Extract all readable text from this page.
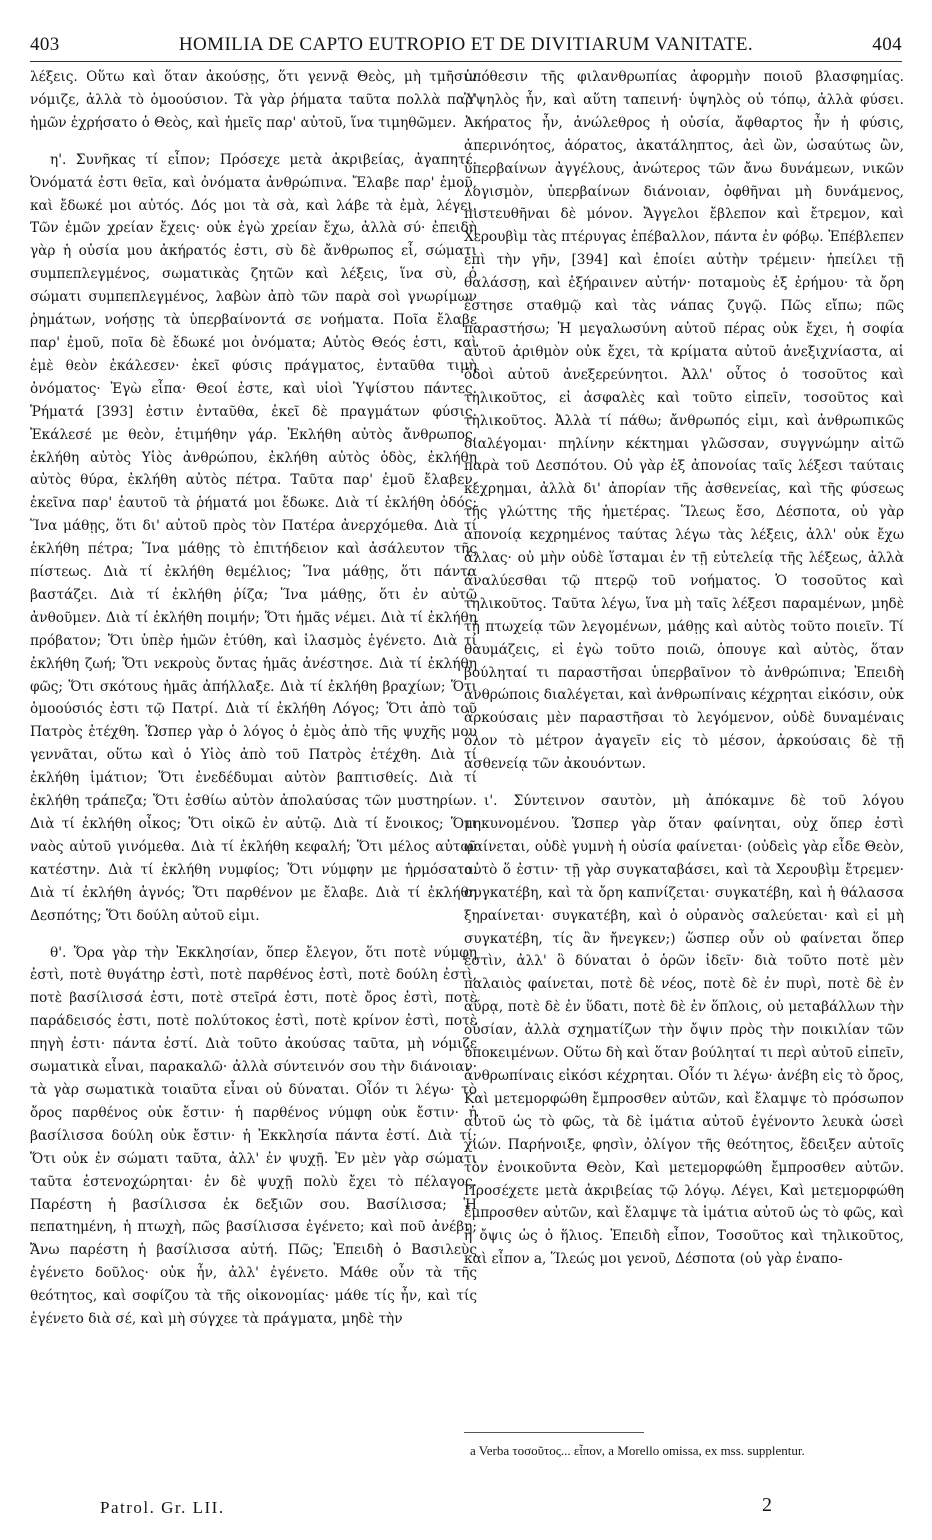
403	HOMILIA DE CAPTO EUTROPIO ET DE DIVITIARUM VANITATE.	404

λέξεις. Οὕτω καὶ ὅταν ἀκούσῃς, ὅτι γεννᾷ Θεὸς, μὴ τμῆσιν νόμιζε, ἀλλὰ τὸ ὁμοούσιον. Τὰ γὰρ ῥήματα ταῦτα πολλὰ παρ' ἡμῶν ἐχρήσατο ὁ Θεὸς, καὶ ἡμεῖς παρ' αὐτοῦ, ἵνα τιμηθῶμεν.

η'. Συνῆκας τί εἶπον; Πρόσεχε μετὰ ἀκριβείας, ἀγαπητέ. Ὀνόματά ἐστι θεῖα, καὶ ὀνόματα ἀνθρώπινα. Ἔλαβε παρ' ἐμοῦ, καὶ ἔδωκέ μοι αὐτός. Δός μοι τὰ σὰ, καὶ λάβε τὰ ἐμὰ, λέγει. Τῶν ἐμῶν χρείαν ἔχεις· οὐκ ἐγὼ χρείαν ἔχω, ἀλλὰ σύ· ἐπειδὴ γὰρ ἡ οὐσία μου ἀκήρατός ἐστι, σὺ δὲ ἄνθρωπος εἶ, σώματι συμπεπλεγμένος, σωματικὰς ζητῶν καὶ λέξεις, ἵνα σὺ, ὁ σώματι συμπεπλεγμένος, λαβὼν ἀπὸ τῶν παρὰ σοὶ γνωρίμων ῥημάτων, νοήσῃς τὰ ὑπερβαίνοντά σε νοήματα. Ποῖα ἔλαβε παρ' ἐμοῦ, ποῖα δὲ ἔδωκέ μοι ὀνόματα; Αὐτὸς Θεός ἐστι, καὶ ἐμὲ θεὸν ἐκάλεσεν· ἐκεῖ φύσις πράγματος, ἐνταῦθα τιμὴ ὀνόματος· Ἐγὼ εἶπα· Θεοί ἐστε, καὶ υἱοὶ Ὑψίστου πάντες. Ῥήματά [393] ἐστιν ἐνταῦθα, ἐκεῖ δὲ πραγμάτων φύσις. Ἐκάλεσέ με θεὸν, ἐτιμήθην γάρ. Ἐκλήθη αὐτὸς ἄνθρωπος, ἐκλήθη αὐτὸς Υἱὸς ἀνθρώπου, ἐκλήθη αὐτὸς ὁδὸς, ἐκλήθη αὐτὸς θύρα, ἐκλήθη αὐτὸς πέτρα. Ταῦτα παρ' ἐμοῦ ἔλαβεν, ἐκεῖνα παρ' ἑαυτοῦ τὰ ῥήματά μοι ἔδωκε. Διὰ τί ἐκλήθη ὁδός; Ἵνα μάθῃς, ὅτι δι' αὐτοῦ πρὸς τὸν Πατέρα ἀνερχόμεθα. Διὰ τί ἐκλήθη πέτρα; Ἵνα μάθῃς τὸ ἐπιτήδειον καὶ ἀσάλευτον τῆς πίστεως. Διὰ τί ἐκλήθη θεμέλιος; Ἵνα μάθῃς, ὅτι πάντα βαστάζει. Διὰ τί ἐκλήθη ῥίζα; Ἵνα μάθῃς, ὅτι ἐν αὐτῷ ἀνθοῦμεν. Διὰ τί ἐκλήθη ποιμήν; Ὅτι ἡμᾶς νέμει. Διὰ τί ἐκλήθη πρόβατον; Ὅτι ὑπὲρ ἡμῶν ἐτύθη, καὶ ἱλασμὸς ἐγένετο. Διὰ τί ἐκλήθη ζωή; Ὅτι νεκροὺς ὄντας ἡμᾶς ἀνέστησε. Διὰ τί ἐκλήθη φῶς; Ὅτι σκότους ἡμᾶς ἀπήλλαξε. Διὰ τί ἐκλήθη βραχίων; Ὅτι ὁμοούσιός ἐστι τῷ Πατρί. Διὰ τί ἐκλήθη Λόγος; Ὅτι ἀπὸ τοῦ Πατρὸς ἐτέχθη. Ὥσπερ γὰρ ὁ λόγος ὁ ἐμὸς ἀπὸ τῆς ψυχῆς μου γεννᾶται, οὕτω καὶ ὁ Υἱὸς ἀπὸ τοῦ Πατρὸς ἐτέχθη. Διὰ τί ἐκλήθη ἱμάτιον; Ὅτι ἐνεδέδυμαι αὐτὸν βαπτισθείς. Διὰ τί ἐκλήθη τράπεζα; Ὅτι ἐσθίω αὐτὸν ἀπολαύσας τῶν μυστηρίων. Διὰ τί ἐκλήθη οἶκος; Ὅτι οἰκῶ ἐν αὐτῷ. Διὰ τί ἔνοικος; Ὅτι ναὸς αὐτοῦ γινόμεθα. Διὰ τί ἐκλήθη κεφαλή; Ὅτι μέλος αὐτοῦ κατέστην. Διὰ τί ἐκλήθη νυμφίος; Ὅτι νύμφην με ἡρμόσατο. Διὰ τί ἐκλήθη ἁγνός; Ὅτι παρθένον με ἔλαβε. Διὰ τί ἐκλήθη Δεσπότης; Ὅτι δούλη αὐτοῦ εἰμι.

θ'. Ὅρα γὰρ τὴν Ἐκκλησίαν, ὅπερ ἔλεγον, ὅτι ποτὲ νύμφη ἐστὶ, ποτὲ θυγάτηρ ἐστὶ, ποτὲ παρθένος ἐστὶ, ποτὲ δούλη ἐστὶ, ποτὲ βασίλισσά ἐστι, ποτὲ στεῖρά ἐστι, ποτὲ ὄρος ἐστὶ, ποτὲ παράδεισός ἐστι, ποτὲ πολύτοκος ἐστὶ, ποτὲ κρίνον ἐστὶ, ποτὲ πηγὴ ἐστι· πάντα ἐστί. Διὰ τοῦτο ἀκούσας ταῦτα, μὴ νόμιζε σωματικὰ εἶναι, παρακαλῶ· ἀλλὰ σύντεινόν σου τὴν διάνοιαν· τὰ γὰρ σωματικὰ τοιαῦτα εἶναι οὐ δύναται. Οἷόν τι λέγω· τὸ ὄρος παρθένος οὐκ ἔστιν· ἡ παρθένος νύμφη οὐκ ἔστιν· ἡ βασίλισσα δούλη οὐκ ἔστιν· ἡ Ἐκκλησία πάντα ἐστί. Διὰ τί; Ὅτι οὐκ ἐν σώματι ταῦτα, ἀλλ' ἐν ψυχῇ. Ἐν μὲν γὰρ σώματι ταῦτα ἐστενοχώρηται· ἐν δὲ ψυχῇ πολὺ ἔχει τὸ πέλαγος. Παρέστη ἡ βασίλισσα ἐκ δεξιῶν σου. Βασίλισσα; Ἡ πεπατημένη, ἡ πτωχὴ, πῶς βασίλισσα ἐγένετο; καὶ ποῦ ἀνέβη; Ἄνω παρέστη ἡ βασίλισσα αὐτή. Πῶς; Ἐπειδὴ ὁ Βασιλεὺς ἐγένετο δοῦλος· οὐκ ἦν, ἀλλ' ἐγένετο. Μάθε οὖν τὰ τῆς θεότητος, καὶ σοφίζου τὰ τῆς οἰκονομίας· μάθε τίς ἦν, καὶ τίς ἐγένετο διὰ σέ, καὶ μὴ σύγχεε τὰ πράγματα, μηδὲ τὴν

ὑπόθεσιν τῆς φιλανθρωπίας ἀφορμὴν ποιοῦ βλασφημίας. Ὑψηλὸς ἦν, καὶ αὕτη ταπεινή· ὑψηλὸς οὐ τόπῳ, ἀλλὰ φύσει. Ἀκήρατος ἦν, ἀνώλεθρος ἡ οὐσία, ἄφθαρτος ἦν ἡ φύσις, ἀπερινόητος, ἀόρατος, ἀκατάληπτος, ἀεὶ ὢν, ὡσαύτως ὢν, ὑπερβαίνων ἀγγέλους, ἀνώτερος τῶν ἄνω δυνάμεων, νικῶν λογισμὸν, ὑπερβαίνων διάνοιαν, ὀφθῆναι μὴ δυνάμενος, πιστευθῆναι δὲ μόνον. Ἄγγελοι ἔβλεπον καὶ ἔτρεμον, καὶ Χερουβὶμ τὰς πτέρυγας ἐπέβαλλον, πάντα ἐν φόβῳ. Ἐπέβλεπεν ἐπὶ τὴν γῆν, [394] καὶ ἐποίει αὐτὴν τρέμειν· ἠπείλει τῇ θαλάσσῃ, καὶ ἐξήραινεν αὐτήν· ποταμοὺς ἐξ ἐρήμου· τὰ ὄρη ἔστησε σταθμῷ καὶ τὰς νάπας ζυγῷ. Πῶς εἴπω; πῶς παραστήσω; Ἡ μεγαλωσύνη αὐτοῦ πέρας οὐκ ἔχει, ἡ σοφία αὐτοῦ ἀριθμὸν οὐκ ἔχει, τὰ κρίματα αὐτοῦ ἀνεξιχνίαστα, αἱ ὁδοὶ αὐτοῦ ἀνεξερεύνητοι. Ἀλλ' οὗτος ὁ τοσοῦτος καὶ τηλικοῦτος, εἰ ἀσφαλὲς καὶ τοῦτο εἰπεῖν, τοσοῦτος καὶ τηλικοῦτος. Ἀλλὰ τί πάθω; ἄνθρωπός εἰμι, καὶ ἀνθρωπικῶς διαλέγομαι· πηλίνην κέκτημαι γλῶσσαν, συγγνώμην αἰτῶ παρὰ τοῦ Δεσπότου. Οὐ γὰρ ἐξ ἀπονοίας ταῖς λέξεσι ταύταις κέχρημαι, ἀλλὰ δι' ἀπορίαν τῆς ἀσθενείας, καὶ τῆς φύσεως τῆς γλώττης τῆς ἡμετέρας. Ἵλεως ἔσο, Δέσποτα, οὐ γὰρ ἀπονοίᾳ κεχρημένος ταύτας λέγω τὰς λέξεις, ἀλλ' οὐκ ἔχω ἄλλας· οὐ μὴν οὐδὲ ἵσταμαι ἐν τῇ εὐτελείᾳ τῆς λέξεως, ἀλλὰ ἀναλύεσθαι τῷ πτερῷ τοῦ νοήματος. Ὁ τοσοῦτος καὶ τηλικοῦτος. Ταῦτα λέγω, ἵνα μὴ ταῖς λέξεσι παραμένων, μηδὲ τῇ πτωχείᾳ τῶν λεγομένων, μάθῃς καὶ αὐτὸς τοῦτο ποιεῖν. Τί θαυμάζεις, εἰ ἐγὼ τοῦτο ποιῶ, ὁπουγε καὶ αὐτὸς, ὅταν βούληταί τι παραστῆσαι ὑπερβαῖνον τὸ ἀνθρώπινα; Ἐπειδὴ ἀνθρώποις διαλέγεται, καὶ ἀνθρωπίναις κέχρηται εἰκόσιν, οὐκ ἀρκούσαις μὲν παραστῆσαι τὸ λεγόμενον, οὐδὲ δυναμέναις ὅλον τὸ μέτρον ἀγαγεῖν εἰς τὸ μέσον, ἀρκούσαις δὲ τῇ ἀσθενείᾳ τῶν ἀκουόντων.

ι'. Σύντεινον σαυτὸν, μὴ ἀπόκαμνε δὲ τοῦ λόγου μηκυνομένου. Ὥσπερ γὰρ ὅταν φαίνηται, οὐχ ὅπερ ἐστὶ φαίνεται, οὐδὲ γυμνὴ ἡ οὐσία φαίνεται· (οὐδεὶς γὰρ εἶδε Θεὸν, αὐτὸ ὅ ἐστιν· τῇ γὰρ συγκαταβάσει, καὶ τὰ Χερουβὶμ ἔτρεμεν· συγκατέβη, καὶ τὰ ὄρη καπνίζεται· συγκατέβη, καὶ ἡ θάλασσα ξηραίνεται· συγκατέβη, καὶ ὁ οὐρανὸς σαλεύεται· καὶ εἰ μὴ συγκατέβη, τίς ἂν ἤνεγκεν;) ὥσπερ οὖν οὐ φαίνεται ὅπερ ἐστὶν, ἀλλ' ὃ δύναται ὁ ὁρῶν ἰδεῖν· διὰ τοῦτο ποτὲ μὲν παλαιὸς φαίνεται, ποτὲ δὲ νέος, ποτὲ δὲ ἐν πυρὶ, ποτὲ δὲ ἐν αὔρᾳ, ποτὲ δὲ ἐν ὕδατι, ποτὲ δὲ ἐν ὅπλοις, οὐ μεταβάλλων τὴν οὐσίαν, ἀλλὰ σχηματίζων τὴν ὄψιν πρὸς τὴν ποικιλίαν τῶν ὑποκειμένων. Οὕτω δὴ καὶ ὅταν βούληταί τι περὶ αὐτοῦ εἰπεῖν, ἀνθρωπίναις εἰκόσι κέχρηται. Οἷόν τι λέγω· ἀνέβη εἰς τὸ ὄρος, Καὶ μετεμορφώθη ἔμπροσθεν αὐτῶν, καὶ ἔλαμψε τὸ πρόσωπον αὐτοῦ ὡς τὸ φῶς, τὰ δὲ ἱμάτια αὐτοῦ ἐγένοντο λευκὰ ὡσεὶ χιών. Παρήνοιξε, φησὶν, ὀλίγον τῆς θεότητος, ἔδειξεν αὐτοῖς τὸν ἐνοικοῦντα Θεὸν, Καὶ μετεμορφώθη ἔμπροσθεν αὐτῶν. Προσέχετε μετὰ ἀκριβείας τῷ λόγῳ. Λέγει, Καὶ μετεμορφώθη ἔμπροσθεν αὐτῶν, καὶ ἔλαμψε τὰ ἱμάτια αὐτοῦ ὡς τὸ φῶς, καὶ ἡ ὄψις ὡς ὁ ἥλιος. Ἐπειδὴ εἶπον, Τοσοῦτος καὶ τηλικοῦτος, καὶ εἶπον a, Ἵλεώς μοι γενοῦ, Δέσποτα (οὐ γὰρ ἐναπο-

a Verba τοσοῦτος... εἶπον, a Morello omissa, ex mss. supplentur.
Patrol. Gr. LII.	2
